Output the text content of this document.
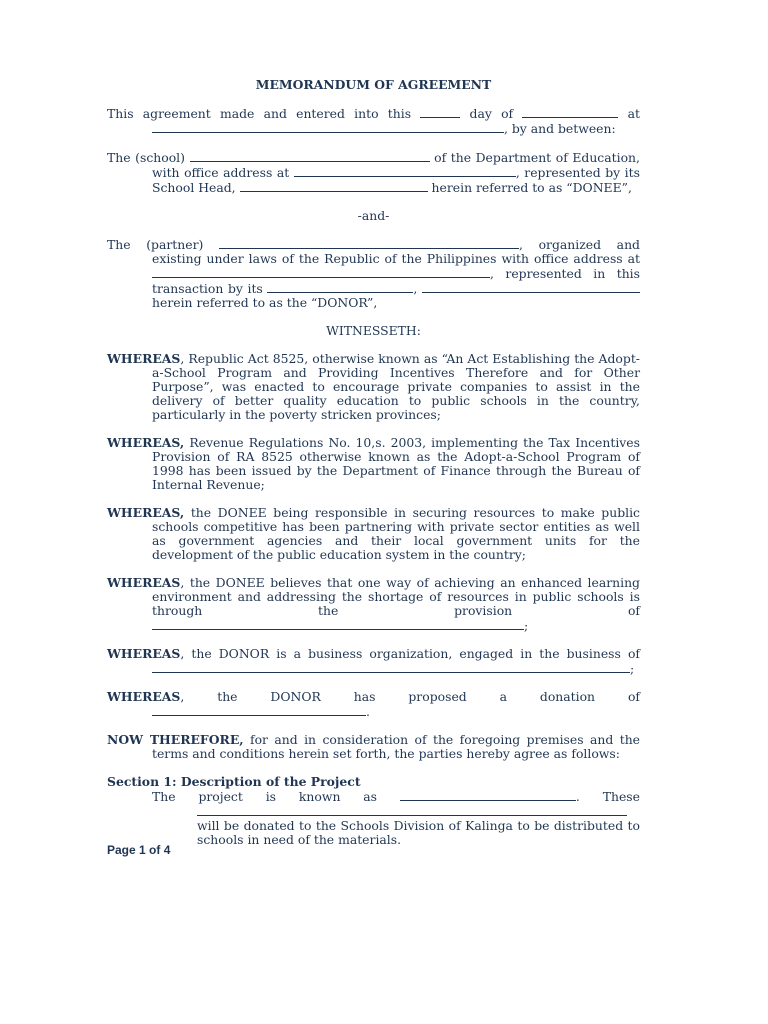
MEMORANDUM OF AGREEMENT

This agreement made and entered into this	day of	at

, by and between:

The (school)	of the Department of Education, with office address at	, represented by its School Head,	herein referred to as “DONEE”,

-and-

The (partner)	, organized and existing under laws of the Republic of the Philippines with office address at , represented in this transaction by its	,  herein referred to as the “DONOR”,

WITNESSETH:

WHEREAS, Republic Act 8525, otherwise known as “An Act Establishing the Adopt-a-School Program and Providing Incentives Therefore and for Other Purpose”, was enacted to encourage private companies to assist in the delivery of better quality education to public schools in the country, particularly in the poverty stricken provinces;

WHEREAS, Revenue Regulations No. 10,s. 2003, implementing the Tax Incentives Provision of RA 8525 otherwise known as the Adopt-a-School Program of 1998 has been issued by the Department of Finance through the Bureau of Internal Revenue;

WHEREAS, the DONEE being responsible in securing resources to make public schools competitive has been partnering with private sector entities as well as government agencies and their local government units for the development of the public education system in the country;

WHEREAS, the DONEE believes that one way of achieving an enhanced learning environment and addressing the shortage of resources in public schools is through the provision of ;

WHEREAS, the DONOR is a business organization, engaged in the business of ;

WHEREAS, the DONOR has proposed a donation of .

NOW THEREFORE, for and in consideration of the foregoing premises and the terms and conditions herein set forth, the parties hereby agree as follows:

Section 1: Description of the Project

The project is known as	. These

will be donated to the Schools Division of Kalinga to be distributed to schools in need of the materials.

Page 1 of 4
